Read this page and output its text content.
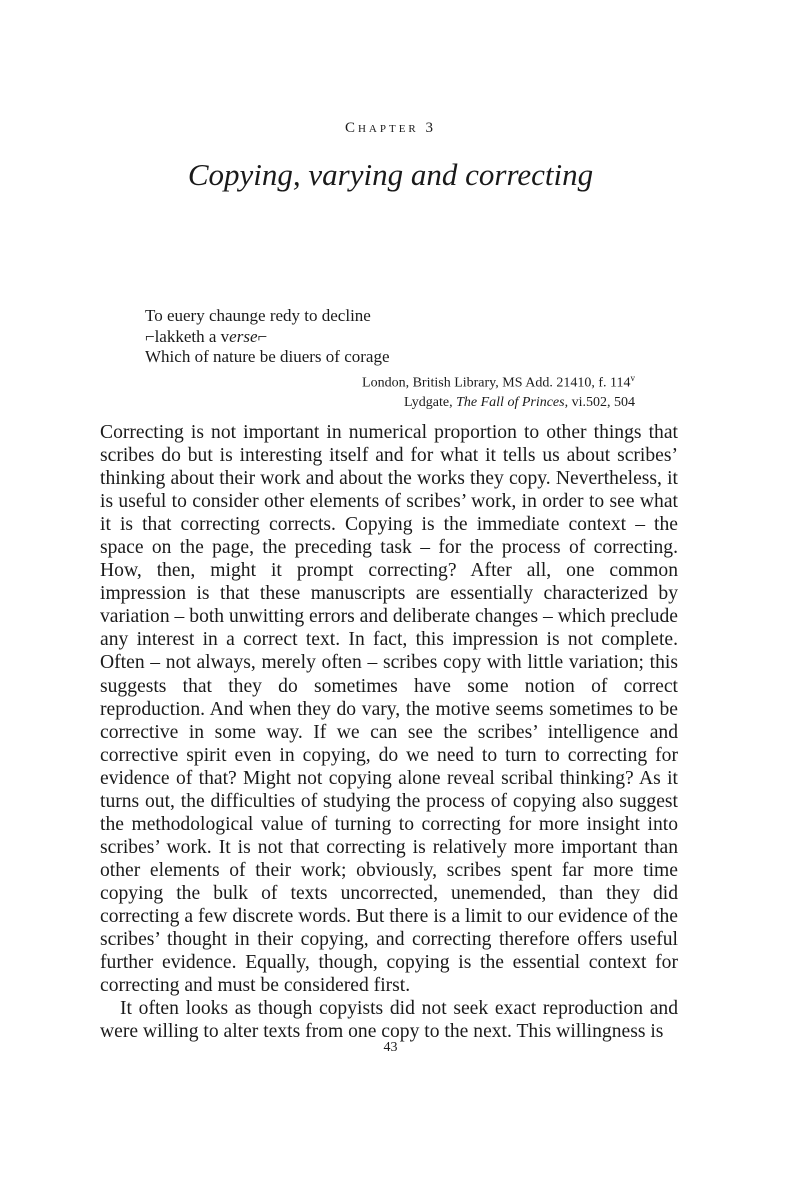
Chapter 3
Copying, varying and correcting
To euery chaunge redy to decline
⌐lakketh a verse⌐
Which of nature be diuers of corage
London, British Library, MS Add. 21410, f. 114$^v$
Lydgate, The Fall of Princes, vi.502, 504

Correcting is not important in numerical proportion to other things that scribes do but is interesting itself and for what it tells us about scribes’ thinking about their work and about the works they copy. Nevertheless, it is useful to consider other elements of scribes’ work, in order to see what it is that correcting corrects. Copying is the immediate context – the space on the page, the preceding task – for the process of correcting. How, then, might it prompt correcting? After all, one common impression is that these manuscripts are essentially characterized by variation – both unwitting errors and deliberate changes – which preclude any interest in a correct text. In fact, this impression is not complete. Often – not always, merely often – scribes copy with little variation; this suggests that they do sometimes have some notion of correct reproduction. And when they do vary, the motive seems sometimes to be corrective in some way. If we can see the scribes’ intelligence and corrective spirit even in copying, do we need to turn to correcting for evidence of that? Might not copying alone reveal scribal thinking? As it turns out, the difficulties of studying the process of copying also suggest the methodological value of turning to correcting for more insight into scribes’ work. It is not that correcting is relatively more important than other elements of their work; obviously, scribes spent far more time copying the bulk of texts uncorrected, unemended, than they did correcting a few discrete words. But there is a limit to our evidence of the scribes’ thought in their copying, and correcting therefore offers useful further evidence. Equally, though, copying is the essential context for correcting and must be considered first.

It often looks as though copyists did not seek exact reproduction and were willing to alter texts from one copy to the next. This willingness is

43
